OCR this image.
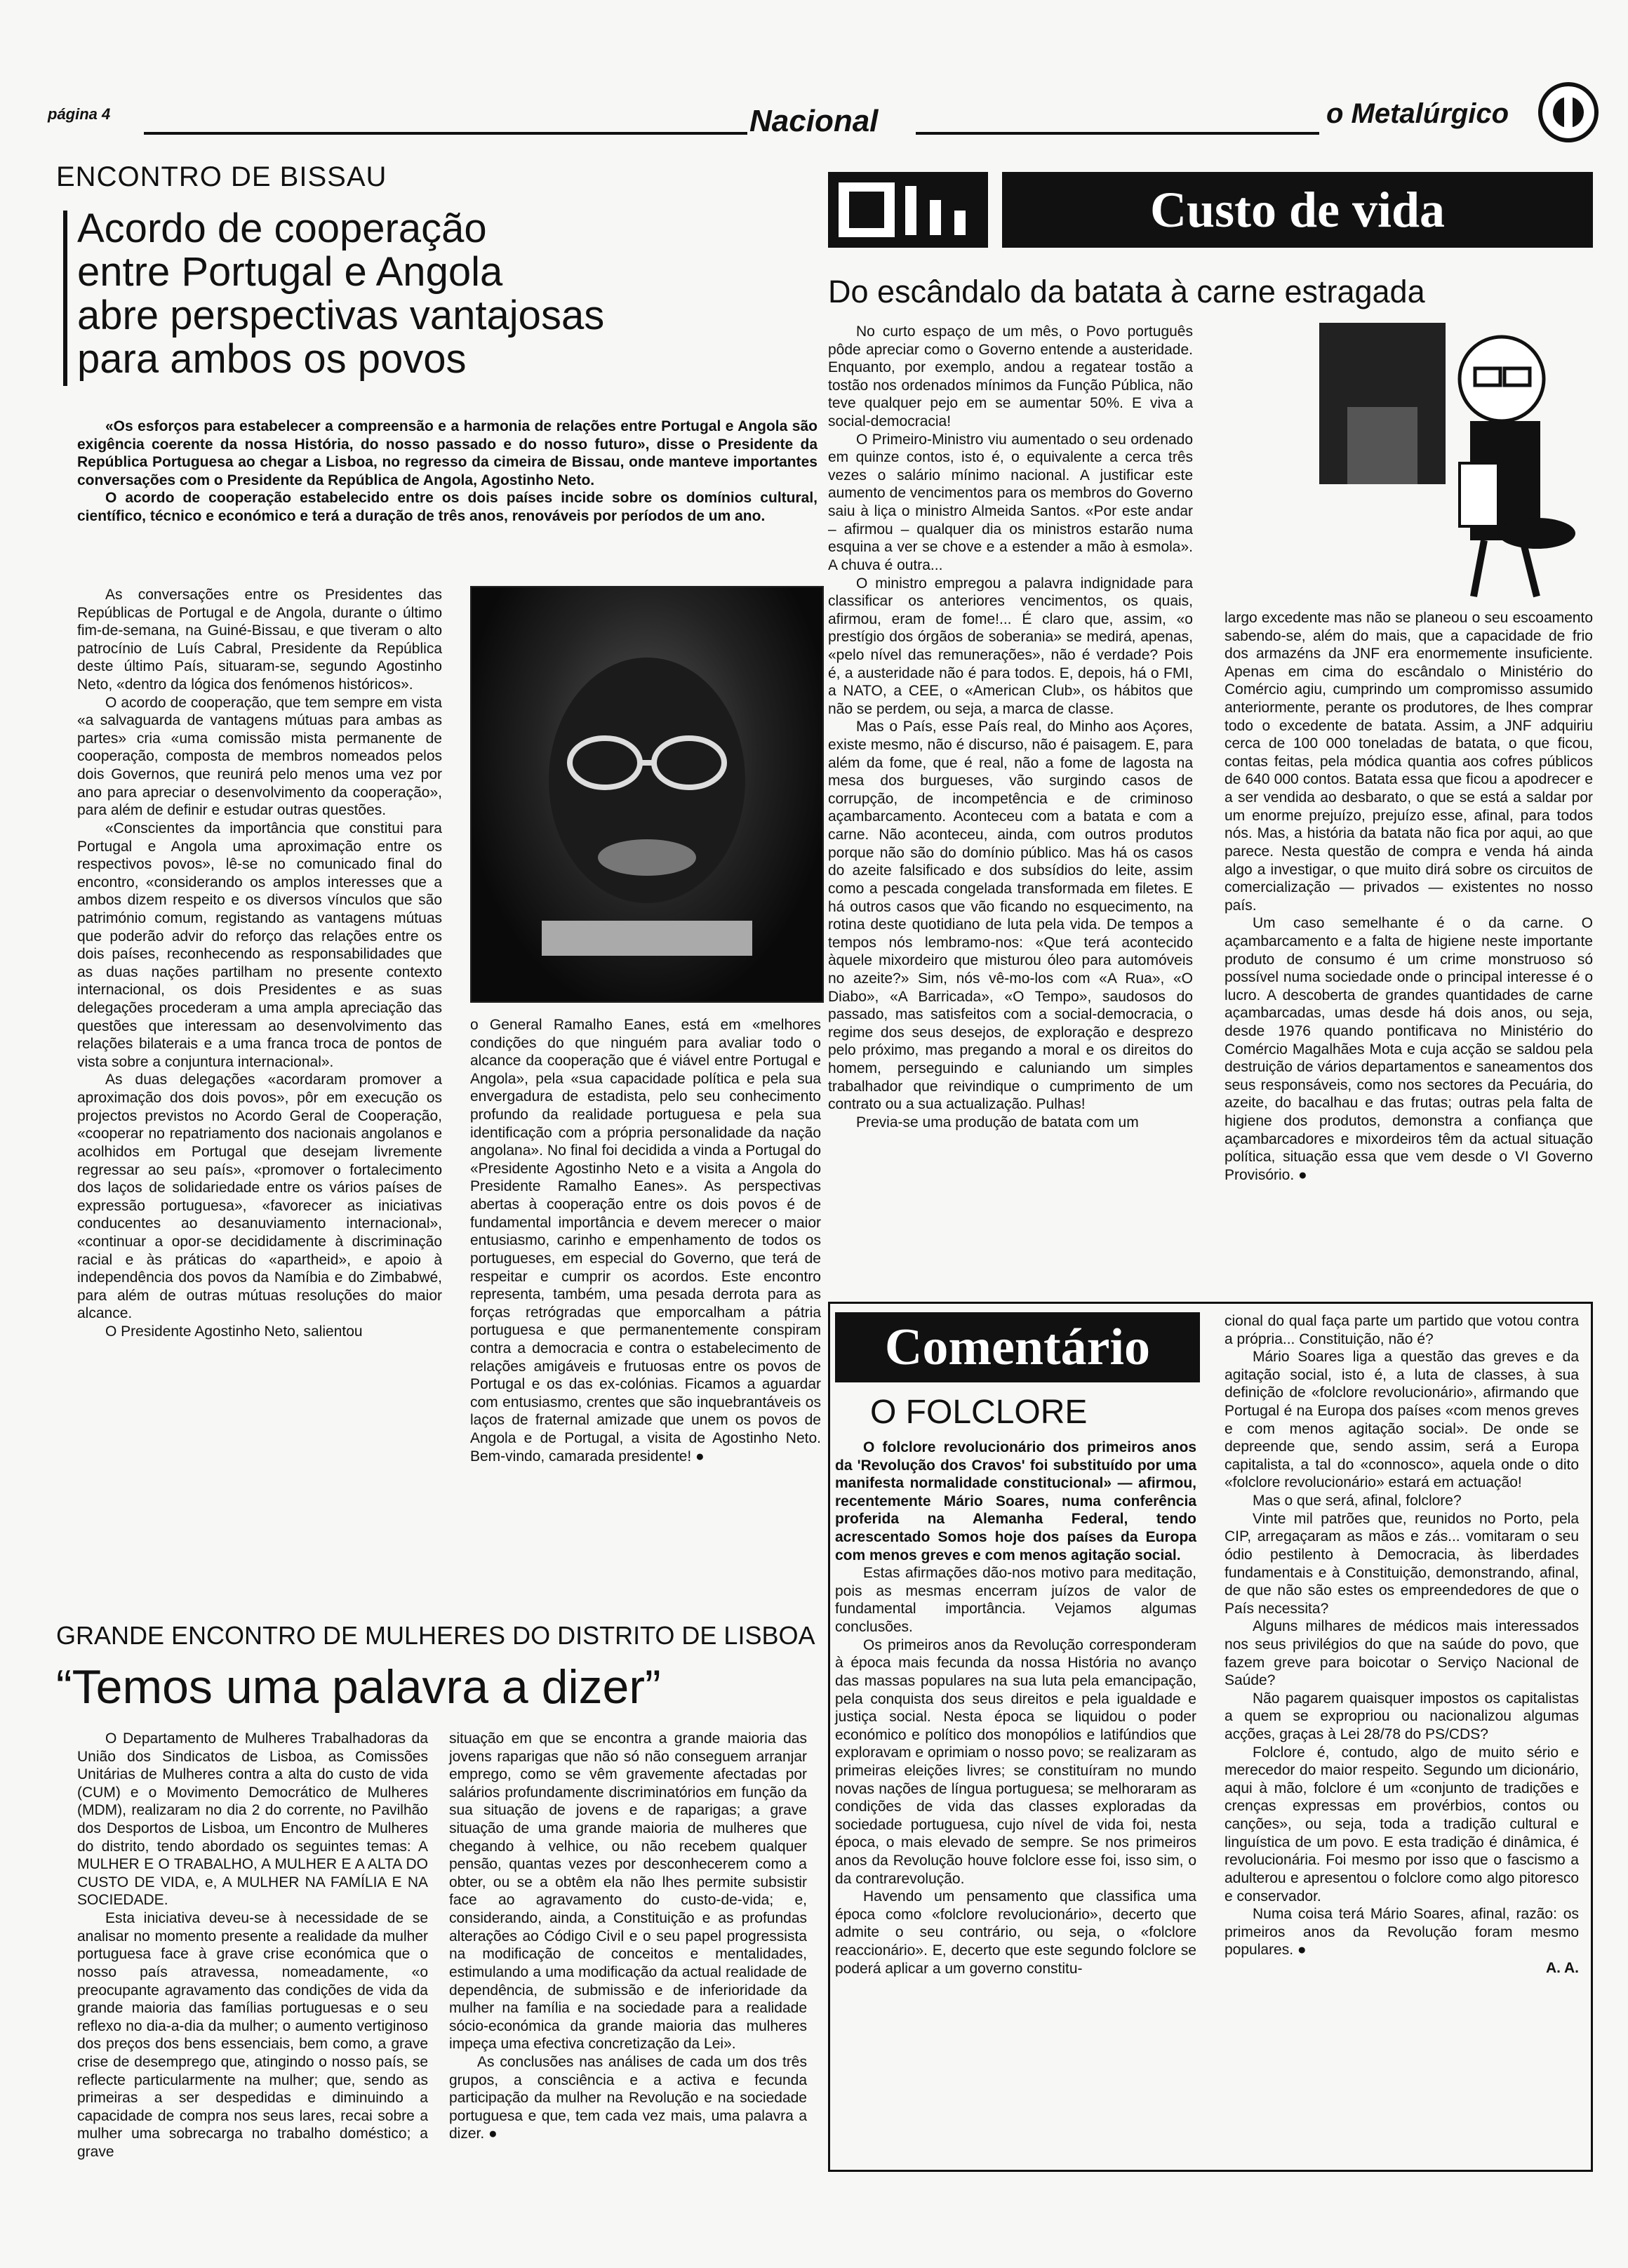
página 4	Nacional	o Metalúrgico
ENCONTRO DE BISSAU
Acordo de cooperação
entre Portugal e Angola
abre perspectivas vantajosas
para ambos os povos

«Os esforços para estabelecer a compreensão e a harmonia de relações entre Portugal e Angola são exigência coerente da nossa História, do nosso passado e do nosso futuro», disse o Presidente da República Portuguesa ao chegar a Lisboa, no regresso da cimeira de Bissau, onde manteve importantes conversações com o Presidente da República de Angola, Agostinho Neto.

O acordo de cooperação estabelecido entre os dois países incide sobre os domínios cultural, científico, técnico e económico e terá a duração de três anos, renováveis por períodos de um ano.

As conversações entre os Presidentes das Repúblicas de Portugal e de Angola, durante o último fim-de-semana, na Guiné-Bissau, e que tiveram o alto patrocínio de Luís Cabral, Presidente da República deste último País, situaram-se, segundo Agostinho Neto, «dentro da lógica dos fenómenos históricos».

O acordo de cooperação, que tem sempre em vista «a salvaguarda de vantagens mútuas para ambas as partes» cria «uma comissão mista permanente de cooperação, composta de membros nomeados pelos dois Governos, que reunirá pelo menos uma vez por ano para apreciar o desenvolvimento da cooperação», para além de definir e estudar outras questões.

«Conscientes da importância que constitui para Portugal e Angola uma aproximação entre os respectivos povos», lê-se no comunicado final do encontro, «considerando os amplos interesses que a ambos dizem respeito e os diversos vínculos que são património comum, registando as vantagens mútuas que poderão advir do reforço das relações entre os dois países, reconhecendo as responsabilidades que as duas nações partilham no presente contexto internacional, os dois Presidentes e as suas delegações procederam a uma ampla apreciação das questões que interessam ao desenvolvimento das relações bilaterais e a uma franca troca de pontos de vista sobre a conjuntura internacional».

As duas delegações «acordaram promover a aproximação dos dois povos», pôr em execução os projectos previstos no Acordo Geral de Cooperação, «cooperar no repatriamento dos nacionais angolanos e acolhidos em Portugal que desejam livremente regressar ao seu país», «promover o fortalecimento dos laços de solidariedade entre os vários países de expressão portuguesa», «favorecer as iniciativas conducentes ao desanuviamento internacional», «continuar a opor-se decididamente à discriminação racial e às práticas do «apartheid», e apoio à independência dos povos da Namíbia e do Zimbabwé, para além de outras mútuas resoluções do maior alcance.

O Presidente Agostinho Neto, salientou

o General Ramalho Eanes, está em «melhores condições do que ninguém para avaliar todo o alcance da cooperação que é viável entre Portugal e Angola», pela «sua capacidade política e pela sua envergadura de estadista, pelo seu conhecimento profundo da realidade portuguesa e pela sua identificação com a própria personalidade da nação angolana». No final foi decidida a vinda a Portugal do «Presidente Agostinho Neto e a visita a Angola do Presidente Ramalho Eanes». As perspectivas abertas à cooperação entre os dois povos é de fundamental importância e devem merecer o maior entusiasmo, carinho e empenhamento de todos os portugueses, em especial do Governo, que terá de respeitar e cumprir os acordos. Este encontro representa, também, uma pesada derrota para as forças retrógradas que emporcalham a pátria portuguesa e que permanentemente conspiram contra a democracia e contra o estabelecimento de relações amigáveis e frutuosas entre os povos de Portugal e os das ex-colónias. Ficamos a aguardar com entusiasmo, crentes que são inquebrantáveis os laços de fraternal amizade que unem os povos de Angola e de Portugal, a visita de Agostinho Neto. Bem-vindo, camarada presidente! ●

Custo de vida
Do escândalo da batata à carne estragada

No curto espaço de um mês, o Povo português pôde apreciar como o Governo entende a austeridade. Enquanto, por exemplo, andou a regatear tostão a tostão nos ordenados mínimos da Função Pública, não teve qualquer pejo em se aumentar 50%. E viva a social-democracia!

O Primeiro-Ministro viu aumentado o seu ordenado em quinze contos, isto é, o equivalente a cerca três vezes o salário mínimo nacional. A justificar este aumento de vencimentos para os membros do Governo saiu à liça o ministro Almeida Santos. «Por este andar – afirmou – qualquer dia os ministros estarão numa esquina a ver se chove e a estender a mão à esmola». A chuva é outra...

O ministro empregou a palavra indignidade para classificar os anteriores vencimentos, os quais, afirmou, eram de fome!... É claro que, assim, «o prestígio dos órgãos de soberania» se medirá, apenas, «pelo nível das remunerações», não é verdade? Pois é, a austeridade não é para todos. E, depois, há o FMI, a NATO, a CEE, o «American Club», os hábitos que não se perdem, ou seja, a marca de classe.

Mas o País, esse País real, do Minho aos Açores, existe mesmo, não é discurso, não é paisagem. E, para além da fome, que é real, não a fome de lagosta na mesa dos burgueses, vão surgindo casos de corrupção, de incompetência e de criminoso açambarcamento. Aconteceu com a batata e com a carne. Não aconteceu, ainda, com outros produtos porque não são do domínio público. Mas há os casos do azeite falsificado e dos subsídios do leite, assim como a pescada congelada transformada em filetes. E há outros casos que vão ficando no esquecimento, na rotina deste quotidiano de luta pela vida. De tempos a tempos nós lembramo-nos: «Que terá acontecido àquele mixordeiro que misturou óleo para automóveis no azeite?» Sim, nós vê-mo-los com «A Rua», «O Diabo», «A Barricada», «O Tempo», saudosos do passado, mas satisfeitos com a social-democracia, o regime dos seus desejos, de exploração e desprezo pelo próximo, mas pregando a moral e os direitos do homem, perseguindo e caluniando um simples trabalhador que reivindique o cumprimento de um contrato ou a sua actualização. Pulhas!

Previa-se uma produção de batata com um

largo excedente mas não se planeou o seu escoamento sabendo-se, além do mais, que a capacidade de frio dos armazéns da JNF era enormemente insuficiente. Apenas em cima do escândalo o Ministério do Comércio agiu, cumprindo um compromisso assumido anteriormente, perante os produtores, de lhes comprar todo o excedente de batata. Assim, a JNF adquiriu cerca de 100 000 toneladas de batata, o que ficou, contas feitas, pela módica quantia aos cofres públicos de 640 000 contos. Batata essa que ficou a apodrecer e a ser vendida ao desbarato, o que se está a saldar por um enorme prejuízo, prejuízo esse, afinal, para todos nós. Mas, a história da batata não fica por aqui, ao que parece. Nesta questão de compra e venda há ainda algo a investigar, o que muito dirá sobre os circuitos de comercialização — privados — existentes no nosso país.

Um caso semelhante é o da carne. O açambarcamento e a falta de higiene neste importante produto de consumo é um crime monstruoso só possível numa sociedade onde o principal interesse é o lucro. A descoberta de grandes quantidades de carne açambarcadas, umas desde há dois anos, ou seja, desde 1976 quando pontificava no Ministério do Comércio Magalhães Mota e cuja acção se saldou pela destruição de vários departamentos e saneamentos dos seus responsáveis, como nos sectores da Pecuária, do azeite, do bacalhau e das frutas; outras pela falta de higiene dos produtos, demonstra a confiança que açambarcadores e mixordeiros têm da actual situação política, situação essa que vem desde o VI Governo Provisório. ●

Comentário
O FOLCLORE

O folclore revolucionário dos primeiros anos da 'Revolução dos Cravos' foi substituído por uma manifesta normalidade constitucional» — afirmou, recentemente Mário Soares, numa conferência proferida na Alemanha Federal, tendo acrescentado Somos hoje dos países da Europa com menos greves e com menos agitação social.

Estas afirmações dão-nos motivo para meditação, pois as mesmas encerram juízos de valor de fundamental importância. Vejamos algumas conclusões.

Os primeiros anos da Revolução corresponderam à época mais fecunda da nossa História no avanço das massas populares na sua luta pela emancipação, pela conquista dos seus direitos e pela igualdade e justiça social. Nesta época se liquidou o poder económico e político dos monopólios e latifúndios que exploravam e oprimiam o nosso povo; se realizaram as primeiras eleições livres; se constituíram no mundo novas nações de língua portuguesa; se melhoraram as condições de vida das classes exploradas da sociedade portuguesa, cujo nível de vida foi, nesta época, o mais elevado de sempre. Se nos primeiros anos da Revolução houve folclore esse foi, isso sim, o da contrarevolução.

Havendo um pensamento que classifica uma época como «folclore revolucionário», decerto que admite o seu contrário, ou seja, o «folclore reaccionário». E, decerto que este segundo folclore se poderá aplicar a um governo constitu-

cional do qual faça parte um partido que votou contra a própria... Constituição, não é?

Mário Soares liga a questão das greves e da agitação social, isto é, a luta de classes, à sua definição de «folclore revolucionário», afirmando que Portugal é na Europa dos países «com menos greves e com menos agitação social». De onde se depreende que, sendo assim, será a Europa capitalista, a tal do «connosco», aquela onde o dito «folclore revolucionário» estará em actuação!

Mas o que será, afinal, folclore?

Vinte mil patrões que, reunidos no Porto, pela CIP, arregaçaram as mãos e zás... vomitaram o seu ódio pestilento à Democracia, às liberdades fundamentais e à Constituição, demonstrando, afinal, de que não são estes os empreendedores de que o País necessita?

Alguns milhares de médicos mais interessados nos seus privilégios do que na saúde do povo, que fazem greve para boicotar o Serviço Nacional de Saúde?

Não pagarem quaisquer impostos os capitalistas a quem se expropriou ou nacionalizou algumas acções, graças à Lei 28/78 do PS/CDS?

Folclore é, contudo, algo de muito sério e merecedor do maior respeito. Segundo um dicionário, aqui à mão, folclore é um «conjunto de tradições e crenças expressas em provérbios, contos ou canções», ou seja, toda a tradição cultural e linguística de um povo. E esta tradição é dinâmica, é revolucionária. Foi mesmo por isso que o fascismo a adulterou e apresentou o folclore como algo pitoresco e conservador.

Numa coisa terá Mário Soares, afinal, razão: os primeiros anos da Revolução foram mesmo populares. ●

A. A.

GRANDE ENCONTRO DE MULHERES DO DISTRITO DE LISBOA
“Temos uma palavra a dizer”

O Departamento de Mulheres Trabalhadoras da União dos Sindicatos de Lisboa, as Comissões Unitárias de Mulheres contra a alta do custo de vida (CUM) e o Movimento Democrático de Mulheres (MDM), realizaram no dia 2 do corrente, no Pavilhão dos Desportos de Lisboa, um Encontro de Mulheres do distrito, tendo abordado os seguintes temas: A MULHER E O TRABALHO, A MULHER E A ALTA DO CUSTO DE VIDA, e, A MULHER NA FAMÍLIA E NA SOCIEDADE.

Esta iniciativa deveu-se à necessidade de se analisar no momento presente a realidade da mulher portuguesa face à grave crise económica que o nosso país atravessa, nomeadamente, «o preocupante agravamento das condições de vida da grande maioria das famílias portuguesas e o seu reflexo no dia-a-dia da mulher; o aumento vertiginoso dos preços dos bens essenciais, bem como, a grave crise de desemprego que, atingindo o nosso país, se reflecte particularmente na mulher; que, sendo as primeiras a ser despedidas e diminuindo a capacidade de compra nos seus lares, recai sobre a mulher uma sobrecarga no trabalho doméstico; a grave

situação em que se encontra a grande maioria das jovens raparigas que não só não conseguem arranjar emprego, como se vêm gravemente afectadas por salários profundamente discriminatórios em função da sua situação de jovens e de raparigas; a grave situação de uma grande maioria de mulheres que chegando à velhice, ou não recebem qualquer pensão, quantas vezes por desconhecerem como a obter, ou se a obtêm ela não lhes permite subsistir face ao agravamento do custo-de-vida; e, considerando, ainda, a Constituição e as profundas alterações ao Código Civil e o seu papel progressista na modificação de conceitos e mentalidades, estimulando a uma modificação da actual realidade de dependência, de submissão e de inferioridade da mulher na família e na sociedade para a realidade sócio-económica da grande maioria das mulheres impeça uma efectiva concretização da Lei».

As conclusões nas análises de cada um dos três grupos, a consciência e a activa e fecunda participação da mulher na Revolução e na sociedade portuguesa e que, tem cada vez mais, uma palavra a dizer. ●
